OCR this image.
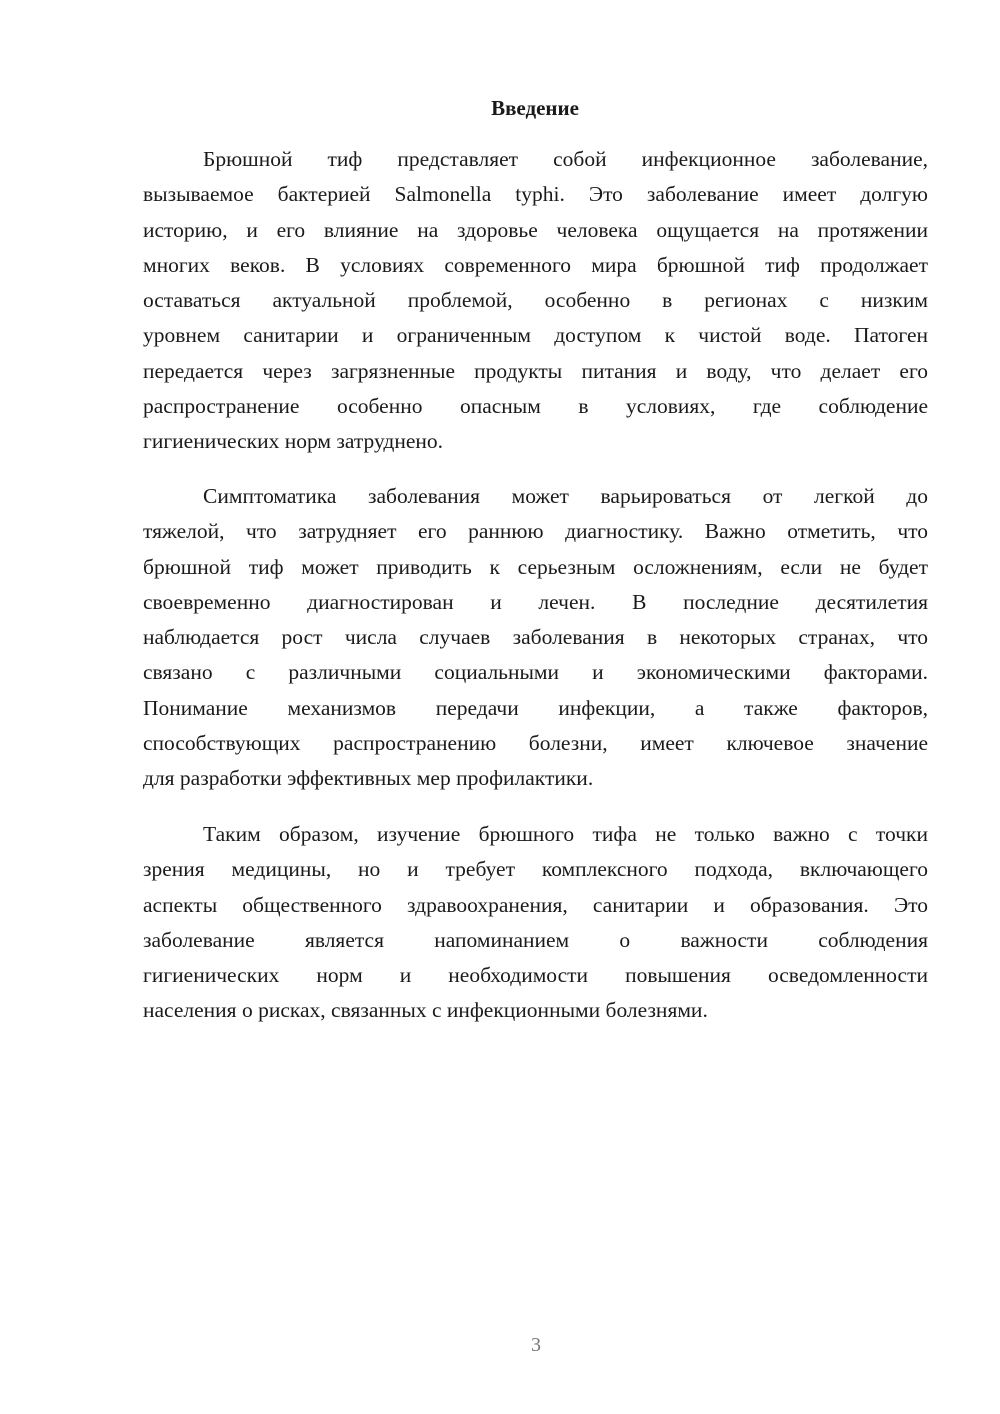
Введение
Брюшной тиф представляет собой инфекционное заболевание,
вызываемое бактерией Salmonella typhi. Это заболевание имеет долгую
историю, и его влияние на здоровье человека ощущается на протяжении
многих веков. В условиях современного мира брюшной тиф продолжает
оставаться актуальной проблемой, особенно в регионах с низким
уровнем санитарии и ограниченным доступом к чистой воде. Патоген
передается через загрязненные продукты питания и воду, что делает его
распространение особенно опасным в условиях, где соблюдение
гигиенических норм затруднено.
Симптоматика заболевания может варьироваться от легкой до
тяжелой, что затрудняет его раннюю диагностику. Важно отметить, что
брюшной тиф может приводить к серьезным осложнениям, если не будет
своевременно диагностирован и лечен. В последние десятилетия
наблюдается рост числа случаев заболевания в некоторых странах, что
связано с различными социальными и экономическими факторами.
Понимание механизмов передачи инфекции, а также факторов,
способствующих распространению болезни, имеет ключевое значение
для разработки эффективных мер профилактики.
Таким образом, изучение брюшного тифа не только важно с точки
зрения медицины, но и требует комплексного подхода, включающего
аспекты общественного здравоохранения, санитарии и образования. Это
заболевание является напоминанием о важности соблюдения
гигиенических норм и необходимости повышения осведомленности
населения о рисках, связанных с инфекционными болезнями.
3
